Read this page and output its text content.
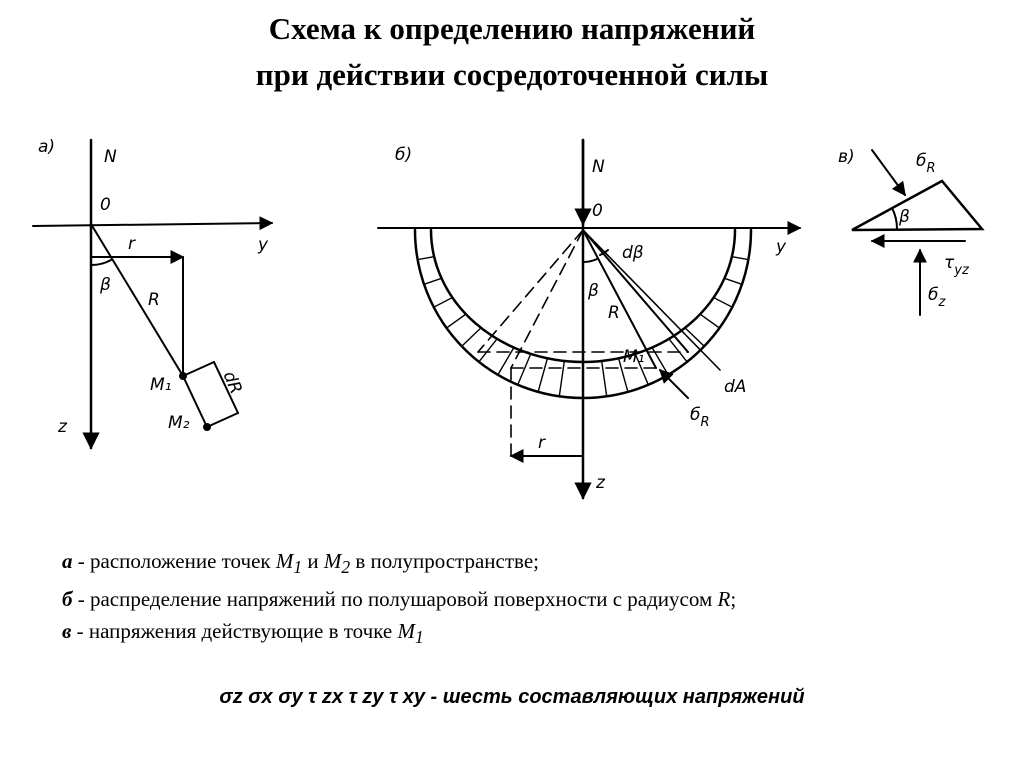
Схема к определению напряжений
при действии сосредоточенной силы
а)	N
0
у
z
r
R
β
M₁
M₂
dR
б)
N
0
у
z
β
dβ
R
r
M₁
dA
$б_R$
в)	$б_R$
β
$\tau_{yz}$
$б_z$
а - расположение точек $M_1$ и $M_2$ в полупространстве;
б - распределение напряжений по полушаровой поверхности с радиусом R;
в - напряжения действующие в точке $M_1$
σz σx σy τ zx τ zy τ xy - шесть составляющих напряжений
